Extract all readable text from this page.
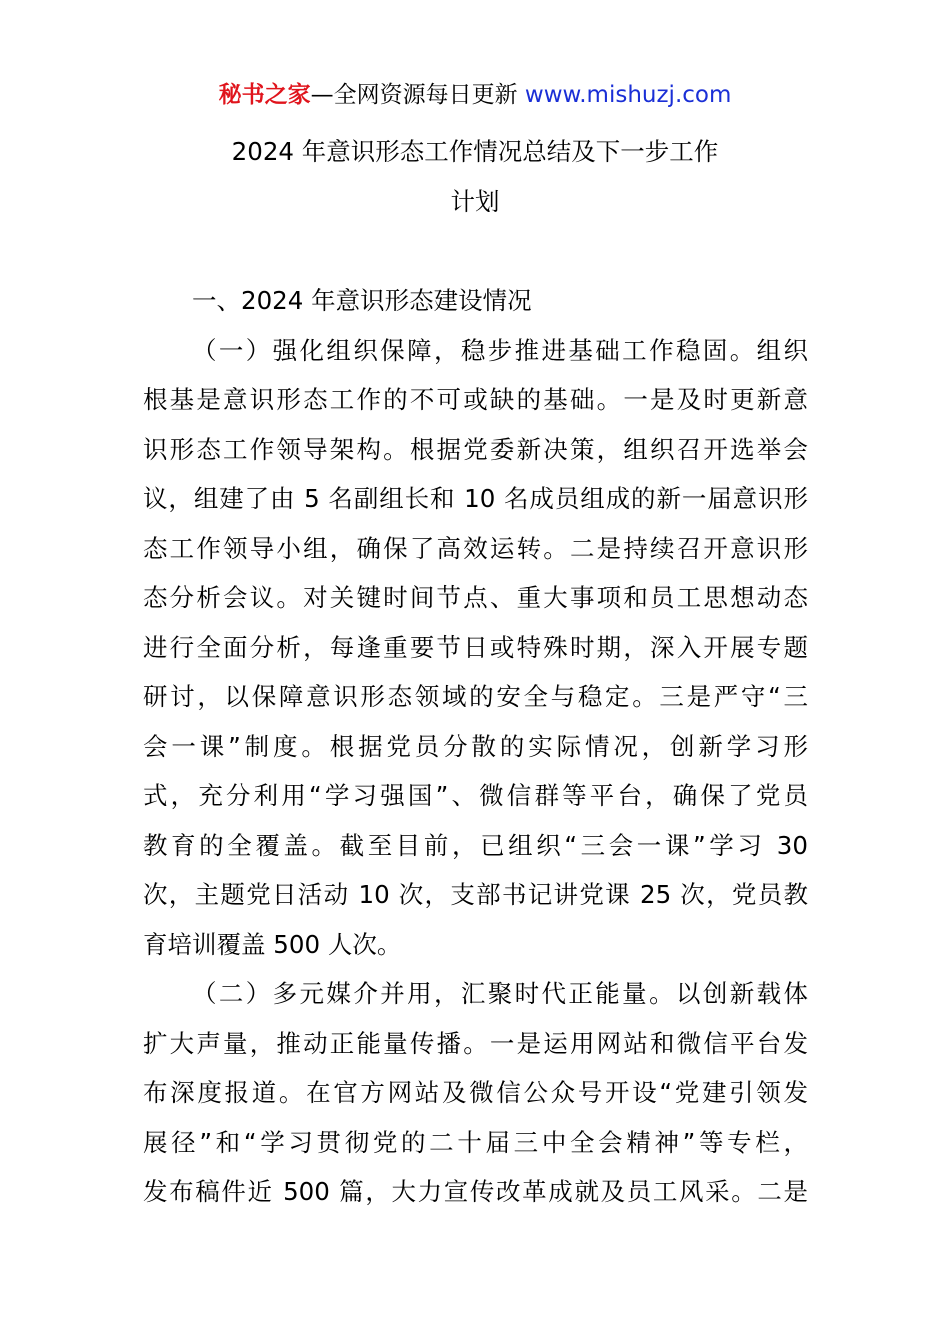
秘书之家—全网资源每日更新 www.mishuzj.com
2024 年意识形态工作情况总结及下一步工作
计划
一、2024 年意识形态建设情况
（一）强化组织保障，稳步推进基础工作稳固。组织
根基是意识形态工作的不可或缺的基础。一是及时更新意
识形态工作领导架构。根据党委新决策，组织召开选举会
议，组建了由 5 名副组长和 10 名成员组成的新一届意识形
态工作领导小组，确保了高效运转。二是持续召开意识形
态分析会议。对关键时间节点、重大事项和员工思想动态
进行全面分析，每逢重要节日或特殊时期，深入开展专题
研讨，以保障意识形态领域的安全与稳定。三是严守“三
会一课”制度。根据党员分散的实际情况，创新学习形
式，充分利用“学习强国”、微信群等平台，确保了党员
教育的全覆盖。截至目前，已组织“三会一课”学习 30
次，主题党日活动 10 次，支部书记讲党课 25 次，党员教
育培训覆盖 500 人次。
（二）多元媒介并用，汇聚时代正能量。以创新载体
扩大声量，推动正能量传播。一是运用网站和微信平台发
布深度报道。在官方网站及微信公众号开设“党建引领发
展径”和“学习贯彻党的二十届三中全会精神”等专栏，
发布稿件近 500 篇，大力宣传改革成就及员工风采。二是
